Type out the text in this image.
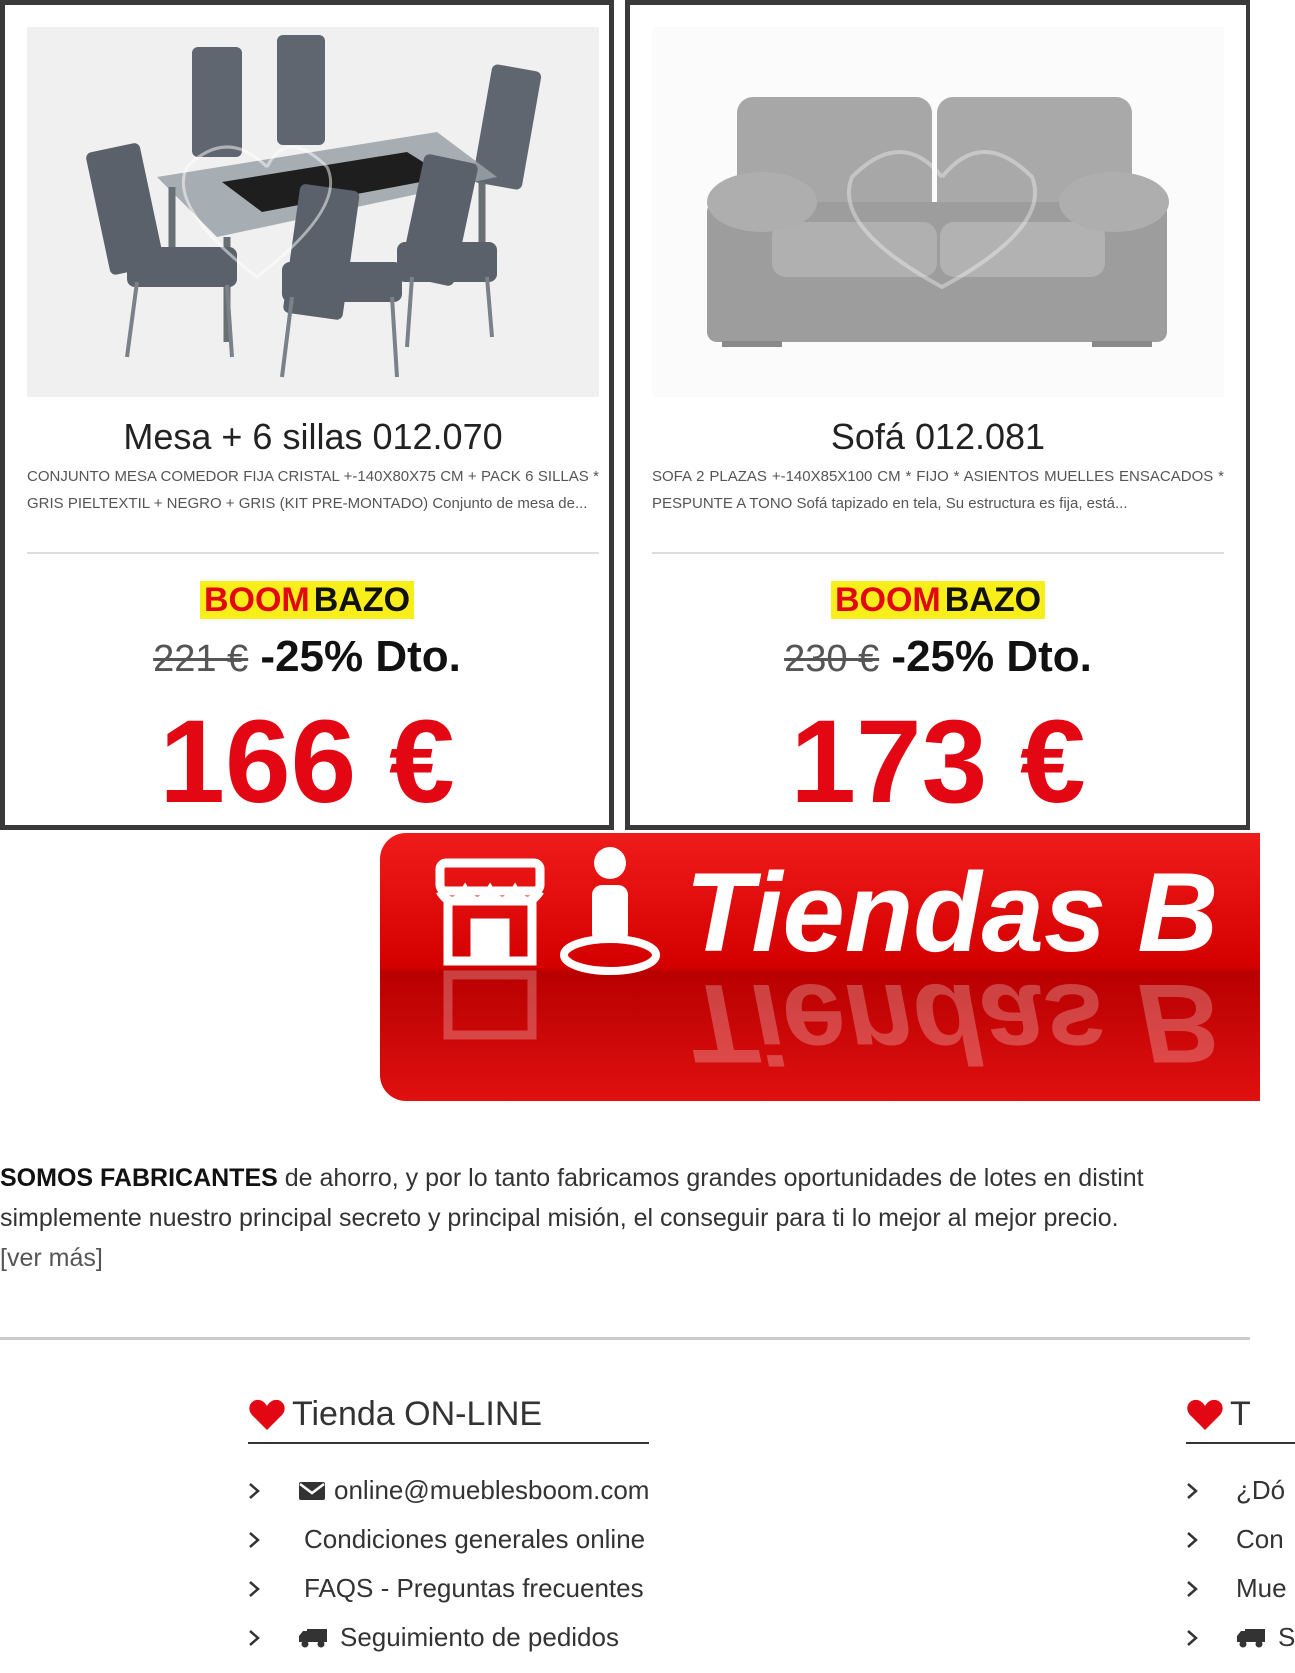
Mesa + 6 sillas 012.070
CONJUNTO MESA COMEDOR FIJA CRISTAL +-140X80X75 CM + PACK 6 SILLAS * GRIS PIELTEXTIL + NEGRO + GRIS (KIT PRE-MONTADO) Conjunto de mesa de...
BOOM BAZO
221 € -25% Dto.
166 €
Sofá 012.081
SOFA 2 PLAZAS +-140X85X100 CM * FIJO * ASIENTOS MUELLES ENSACADOS * PESPUNTE A TONO Sofá tapizado en tela, Su estructura es fija, está...
BOOM BAZO
230 € -25% Dto.
173 €
Tiendas B
Tiendas B
SOMOS FABRICANTES de ahorro, y por lo tanto fabricamos grandes oportunidades de lotes en distint
simplemente nuestro principal secreto y principal misión, el conseguir para ti lo mejor al mejor precio.
[ver más]
Tienda ON-LINE
online@mueblesboom.com
Condiciones generales online
FAQS - Preguntas frecuentes
Seguimiento de pedidos
T
¿Dó
Con
Mue
S
